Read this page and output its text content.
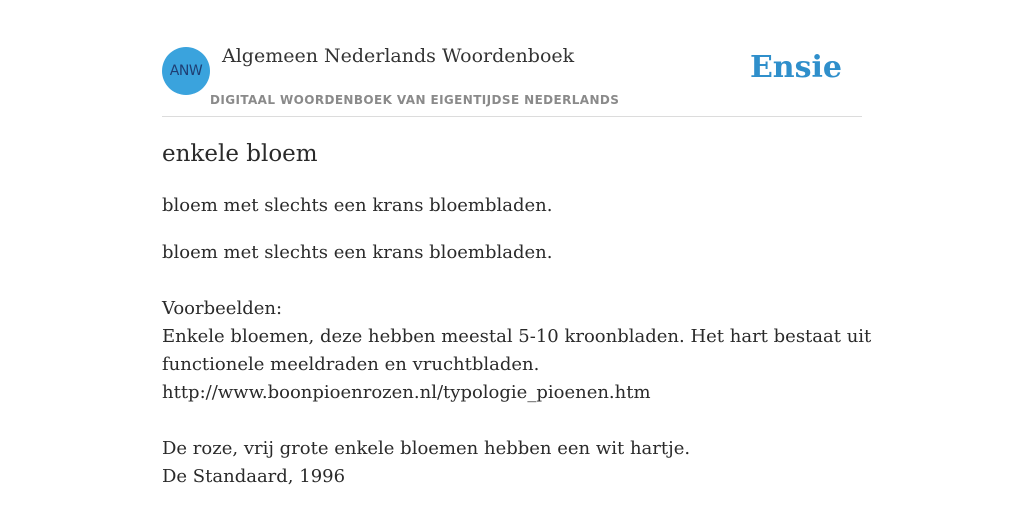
ANW
Algemeen Nederlands Woordenboek
DIGITAAL WOORDENBOEK VAN EIGENTIJDSE NEDERLANDS
Ensie
enkele bloem

bloem met slechts een krans bloembladen.

bloem met slechts een krans bloembladen.

Voorbeelden:
Enkele bloemen, deze hebben meestal 5-10 kroonbladen. Het hart bestaat uit
functionele meeldraden en vruchtbladen.
http://www.boonpioenrozen.nl/typologie_pioenen.htm
De roze, vrij grote enkele bloemen hebben een wit hartje.
De Standaard, 1996
